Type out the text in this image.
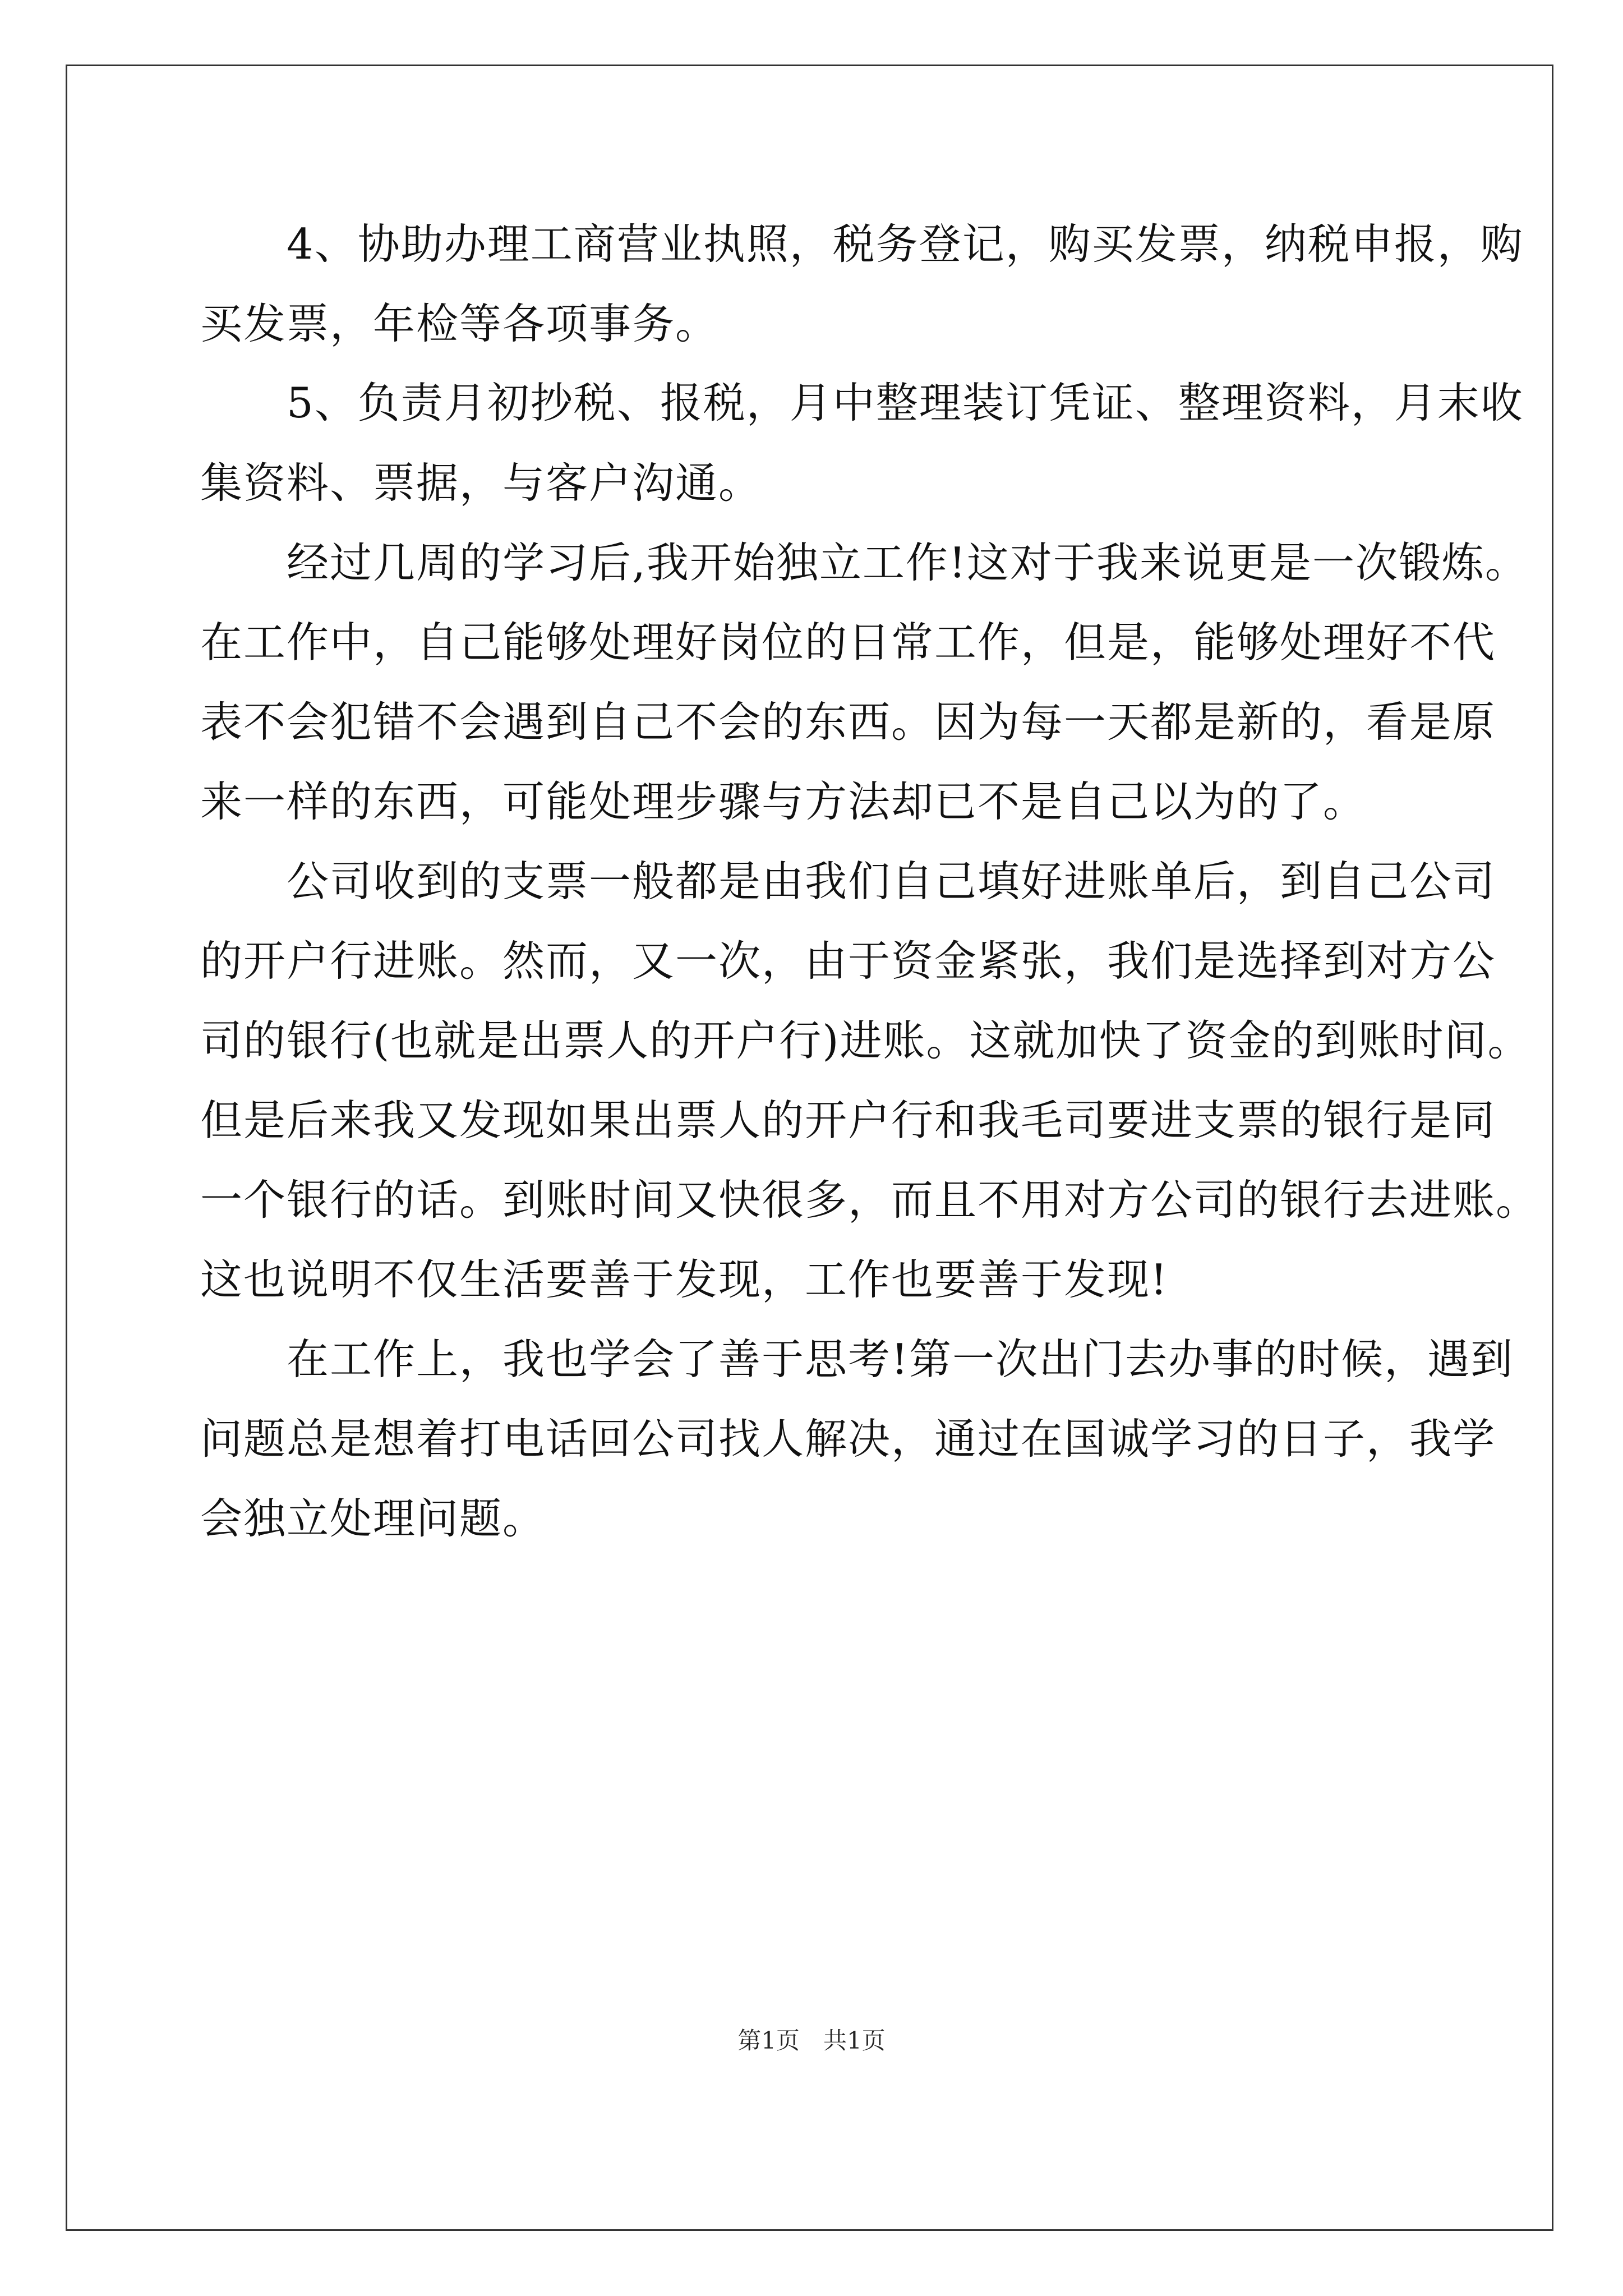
　　4、协助办理工商营业执照，税务登记，购买发票，纳税申报，购
买发票，年检等各项事务。
　　5、负责月初抄税、报税，月中整理装订凭证、整理资料，月末收
集资料、票据，与客户沟通。
　　经过几周的学习后,我开始独立工作!这对于我来说更是一次锻炼。
在工作中，自己能够处理好岗位的日常工作，但是，能够处理好不代
表不会犯错不会遇到自己不会的东西。因为每一天都是新的，看是原
来一样的东西，可能处理步骤与方法却已不是自己以为的了。
　　公司收到的支票一般都是由我们自己填好进账单后，到自己公司
的开户行进账。然而，又一次，由于资金紧张，我们是选择到对方公
司的银行(也就是出票人的开户行)进账。这就加快了资金的到账时间。
但是后来我又发现如果出票人的开户行和我毛司要进支票的银行是同
一个银行的话。到账时间又快很多，而且不用对方公司的银行去进账。
这也说明不仅生活要善于发现，工作也要善于发现!
　　在工作上，我也学会了善于思考!第一次出门去办事的时候，遇到
问题总是想着打电话回公司找人解决，通过在国诚学习的日子，我学
会独立处理问题。
第1页　共1页
